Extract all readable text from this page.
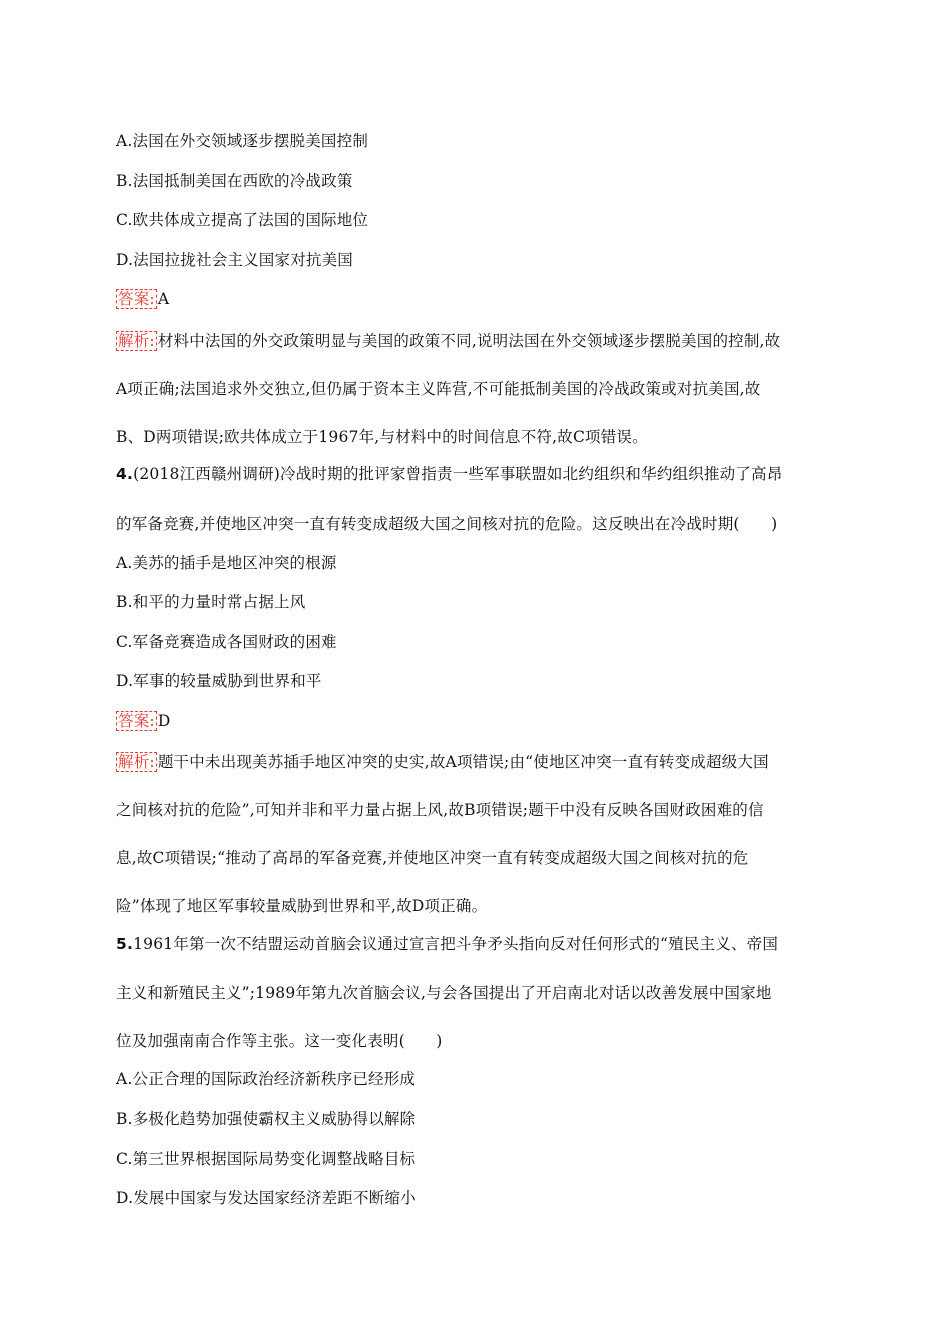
A.法国在外交领域逐步摆脱美国控制
B.法国抵制美国在西欧的冷战政策
C.欧共体成立提高了法国的国际地位
D.法国拉拢社会主义国家对抗美国
答案: A
解析: 材料中法国的外交政策明显与美国的政策不同,说明法国在外交领域逐步摆脱美国的控制,故
A项正确;法国追求外交独立,但仍属于资本主义阵营,不可能抵制美国的冷战政策或对抗美国,故
B、D两项错误;欧共体成立于1967年,与材料中的时间信息不符,故C项错误。
4.(2018江西赣州调研)冷战时期的批评家曾指责一些军事联盟如北约组织和华约组织推动了高昂
的军备竞赛,并使地区冲突一直有转变成超级大国之间核对抗的危险。这反映出在冷战时期(　　)
A.美苏的插手是地区冲突的根源
B.和平的力量时常占据上风
C.军备竞赛造成各国财政的困难
D.军事的较量威胁到世界和平
答案: D
解析: 题干中未出现美苏插手地区冲突的史实,故A项错误;由“使地区冲突一直有转变成超级大国
之间核对抗的危险”,可知并非和平力量占据上风,故B项错误;题干中没有反映各国财政困难的信
息,故C项错误;“推动了高昂的军备竞赛,并使地区冲突一直有转变成超级大国之间核对抗的危
险”体现了地区军事较量威胁到世界和平,故D项正确。
5.1961年第一次不结盟运动首脑会议通过宣言把斗争矛头指向反对任何形式的“殖民主义、帝国
主义和新殖民主义”;1989年第九次首脑会议,与会各国提出了开启南北对话以改善发展中国家地
位及加强南南合作等主张。这一变化表明(　　)
A.公正合理的国际政治经济新秩序已经形成
B.多极化趋势加强使霸权主义威胁得以解除
C.第三世界根据国际局势变化调整战略目标
D.发展中国家与发达国家经济差距不断缩小
